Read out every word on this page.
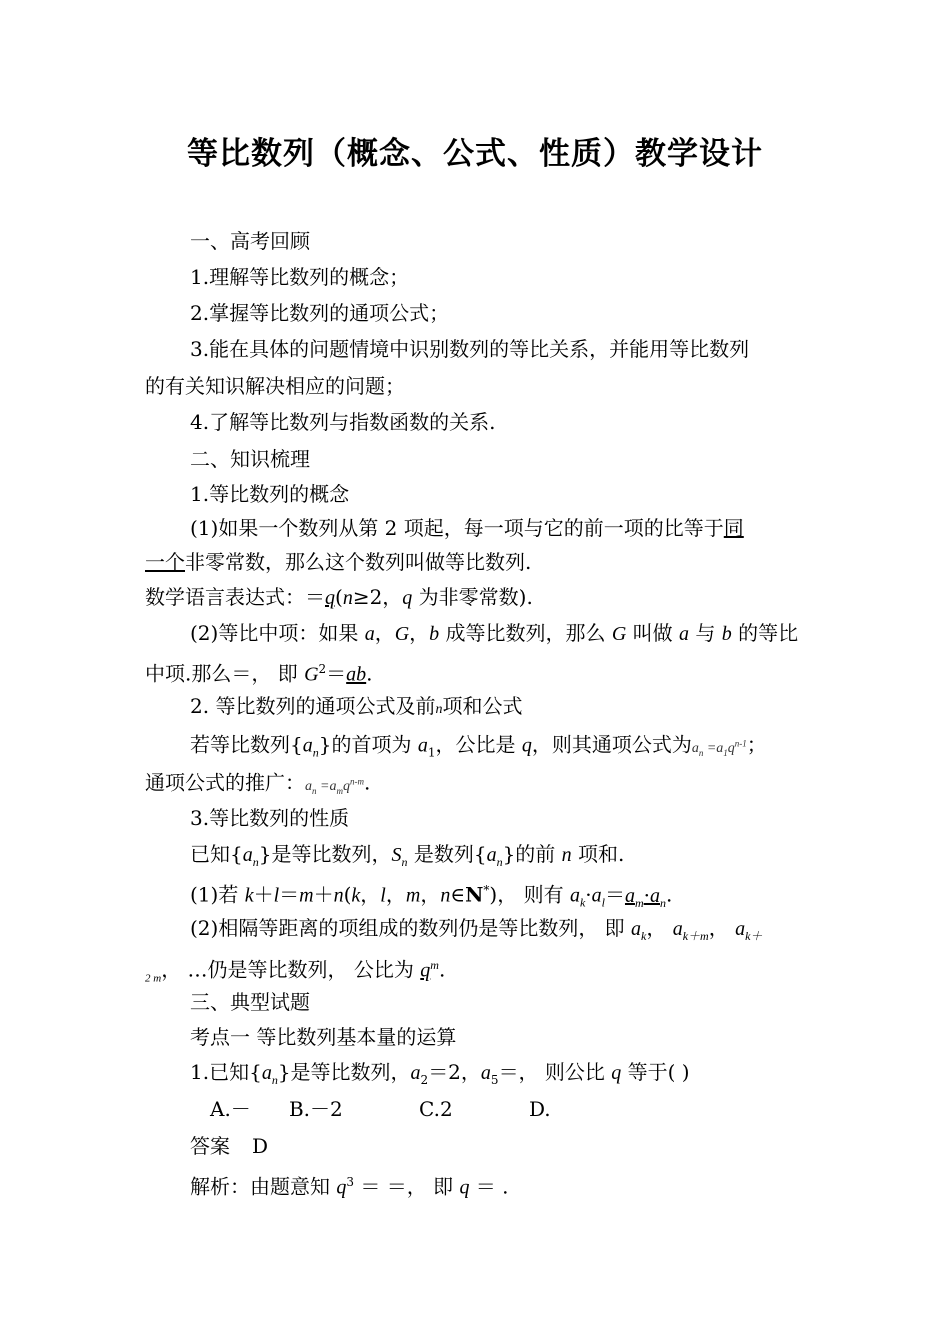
等比数列（概念、公式、性质）教学设计
一、高考回顾
1.理解等比数列的概念；
2.掌握等比数列的通项公式；
3.能在具体的问题情境中识别数列的等比关系，并能用等比数列
的有关知识解决相应的问题；
4.了解等比数列与指数函数的关系.
二、知识梳理
1.等比数列的概念
(1)如果一个数列从第 2 项起，每一项与它的前一项的比等于同
一个非零常数，那么这个数列叫做等比数列.
数学语言表达式：＝q(n≥2，q 为非零常数).
(2)等比中项：如果 a，G，b 成等比数列，那么 G 叫做 a 与 b 的等比
中项.那么＝， 即 $G^2=ab$.
2. 等比数列的通项公式及前n项和公式
若等比数列$\{a_n\}$的首项为 $a_1$，公比是 q，则其通项公式为$a_n =a_1q^{n-1}$；
通项公式的推广：$a_n =a_mq^{n-m}$.
3.等比数列的性质
已知$\{a_n\}$是等比数列，$S_n$ 是数列$\{a_n\}$的前 n 项和.
(1)若 k＋l＝m＋n(k，l，m，n∈N*)， 则有 $a_k\cdot a_l=a_m\cdot a_n$.
(2)相隔等距离的项组成的数列仍是等比数列， 即 $a_k$， $a_{k+m}$， $a_{k+}$
$_{2 m}$， …仍是等比数列， 公比为 $q^m$.
三、典型试题
考点一 等比数列基本量的运算
1.已知$\{a_n\}$是等比数列，$a_2=2$，$a_5=$， 则公比 q 等于( )
A.－      B.－2            C.2            D.
答案 D
解析：由题意知 $q^3$ ＝ ＝， 即 q ＝ .
